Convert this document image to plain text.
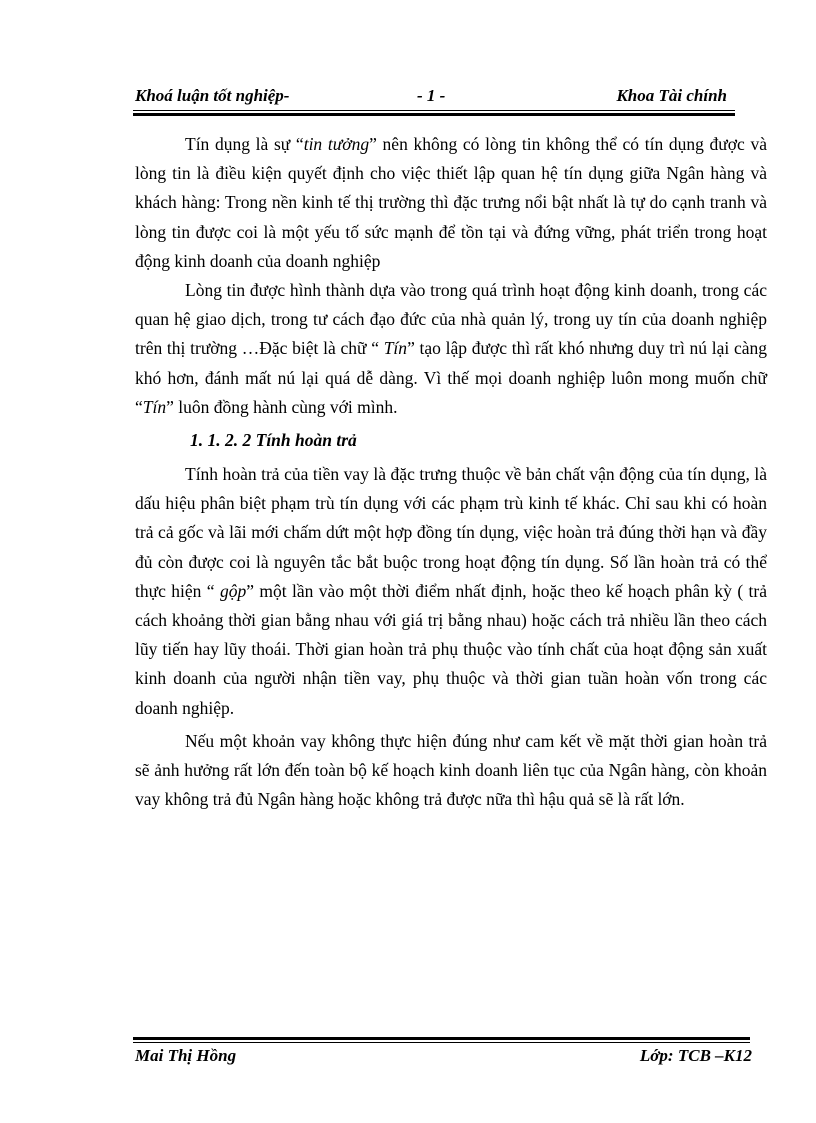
Khoá luận tốt nghiệp-	- 1 -	Khoa Tài chính

Tín dụng là sự “tin tưởng” nên không có lòng tin không thể có tín dụng được và lòng tin là điều kiện quyết định cho việc thiết lập quan hệ tín dụng giữa Ngân hàng và khách hàng: Trong nền kinh tế thị trường thì đặc trưng nổi bật nhất là tự do cạnh tranh và lòng tin được coi là một yếu tố sức mạnh để tồn tại và đứng vững, phát triển trong hoạt động kinh doanh của doanh nghiệp

Lòng tin được hình thành dựa vào trong quá trình hoạt động kinh doanh, trong các quan hệ giao dịch, trong tư cách đạo đức của nhà quản lý, trong uy tín của doanh nghiệp trên thị trường …Đặc biệt là chữ “ Tín” tạo lập được thì rất khó nhưng duy trì nú lại càng khó hơn, đánh mất nú lại quá dễ dàng. Vì thế mọi doanh nghiệp luôn mong muốn chữ “Tín” luôn đồng hành cùng với mình.

1. 1. 2. 2 Tính hoàn trả

Tính hoàn trả của tiền vay là đặc trưng thuộc về bản chất vận động của tín dụng, là dấu hiệu phân biệt phạm trù tín dụng với các phạm trù kinh tế khác. Chỉ sau khi có hoàn trả cả gốc và lãi mới chấm dứt một hợp đồng tín dụng, việc hoàn trả đúng thời hạn và đầy đủ còn được coi là nguyên tắc bắt buộc trong hoạt động tín dụng. Số lần hoàn trả có thể thực hiện “ gộp” một lần vào một thời điểm nhất định, hoặc theo kế hoạch phân kỳ ( trả cách khoảng thời gian bằng nhau với giá trị bằng nhau) hoặc cách trả nhiều lần theo cách lũy tiến hay lũy thoái. Thời gian hoàn trả phụ thuộc vào tính chất của hoạt động sản xuất kinh doanh của người nhận tiền vay, phụ thuộc và thời gian tuần hoàn vốn trong các doanh nghiệp.

Nếu một khoản vay không thực hiện đúng như cam kết về mặt thời gian hoàn trả sẽ ảnh hưởng rất lớn đến toàn bộ kế hoạch kinh doanh liên tục của Ngân hàng, còn khoản vay không trả đủ Ngân hàng hoặc không trả được nữa thì hậu quả sẽ là rất lớn.

Mai Thị Hồng	Lớp: TCB –K12
